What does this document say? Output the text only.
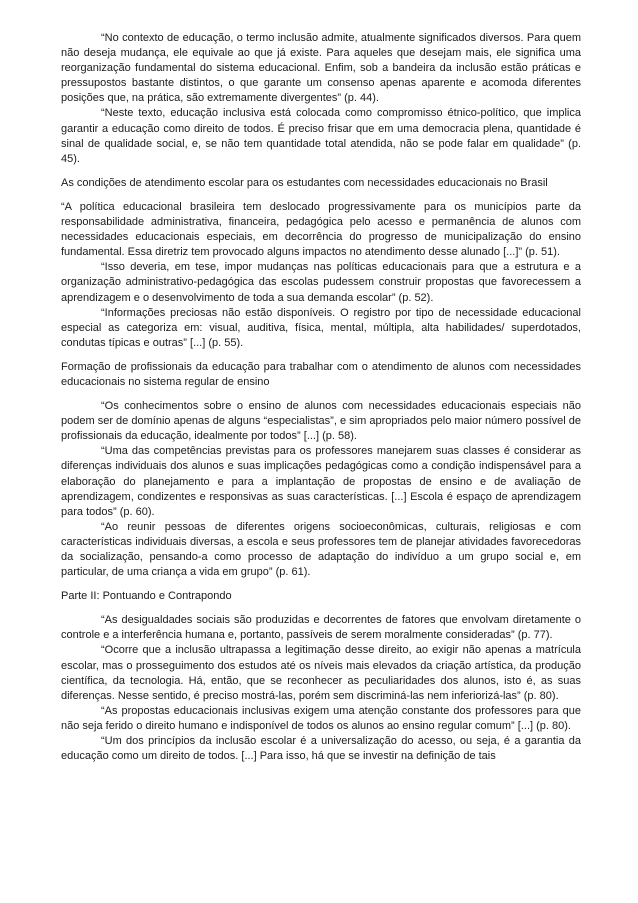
“No contexto de educação, o termo inclusão admite, atualmente significados diversos. Para quem não deseja mudança, ele equivale ao que já existe. Para aqueles que desejam mais, ele significa uma reorganização fundamental do sistema educacional. Enfim, sob a bandeira da inclusão estão práticas e pressupostos bastante distintos, o que garante um consenso apenas aparente e acomoda diferentes posições que, na prática, são extremamente divergentes” (p. 44).

“Neste texto, educação inclusiva está colocada como compromisso étnico-político, que implica garantir a educação como direito de todos. É preciso frisar que em uma democracia plena, quantidade é sinal de qualidade social, e, se não tem quantidade total atendida, não se pode falar em qualidade” (p. 45).

As condições de atendimento escolar para os estudantes com necessidades educacionais no Brasil

“A política educacional brasileira tem deslocado progressivamente para os municípios parte da responsabilidade administrativa, financeira, pedagógica pelo acesso e permanência de alunos com necessidades educacionais especiais, em decorrência do progresso de municipalização do ensino fundamental. Essa diretriz tem provocado alguns impactos no atendimento desse alunado [...]” (p. 51).

“Isso deveria, em tese, impor mudanças nas políticas educacionais para que a estrutura e a organização administrativo-pedagógica das escolas pudessem construir propostas que favorecessem a aprendizagem e o desenvolvimento de toda a sua demanda escolar” (p. 52).

“Informações preciosas não estão disponíveis. O registro por tipo de necessidade educacional especial as categoriza em: visual, auditiva, física, mental, múltipla, alta habilidades/ superdotados, condutas típicas e outras” [...] (p. 55).

Formação de profissionais da educação para trabalhar com o atendimento de alunos com necessidades educacionais no sistema regular de ensino

“Os conhecimentos sobre o ensino de alunos com necessidades educacionais especiais não podem ser de domínio apenas de alguns “especialistas”, e sim apropriados pelo maior número possível de profissionais da educação, idealmente por todos” [...] (p. 58).

“Uma das competências previstas para os professores manejarem suas classes é considerar as diferenças individuais dos alunos e suas implicações pedagógicas como a condição indispensável para a elaboração do planejamento e para a implantação de propostas de ensino e de avaliação de aprendizagem, condizentes e responsivas as suas características. [...] Escola é espaço de aprendizagem para todos” (p. 60).

“Ao reunir pessoas de diferentes origens socioeconômicas, culturais, religiosas e com características individuais diversas, a escola e seus professores tem de planejar atividades favorecedoras da socialização, pensando-a como processo de adaptação do indivíduo a um grupo social e, em particular, de uma criança a vida em grupo” (p. 61).

Parte II: Pontuando e Contrapondo

“As desigualdades sociais são produzidas e decorrentes de fatores que envolvam diretamente o controle e a interferência humana e, portanto, passíveis de serem moralmente consideradas” (p. 77).

“Ocorre que a inclusão ultrapassa a legitimação desse direito, ao exigir não apenas a matrícula escolar, mas o prosseguimento dos estudos até os níveis mais elevados da criação artística, da produção científica, da tecnologia. Há, então, que se reconhecer as peculiaridades dos alunos, isto é, as suas diferenças. Nesse sentido, é preciso mostrá-las, porém sem discriminá-las nem inferiorizá-las” (p. 80).

“As propostas educacionais inclusivas exigem uma atenção constante dos professores para que não seja ferido o direito humano e indisponível de todos os alunos ao ensino regular comum” [...] (p. 80).

“Um dos princípios da inclusão escolar é a universalização do acesso, ou seja, é a garantia da educação como um direito de todos. [...] Para isso, há que se investir na definição de tais
